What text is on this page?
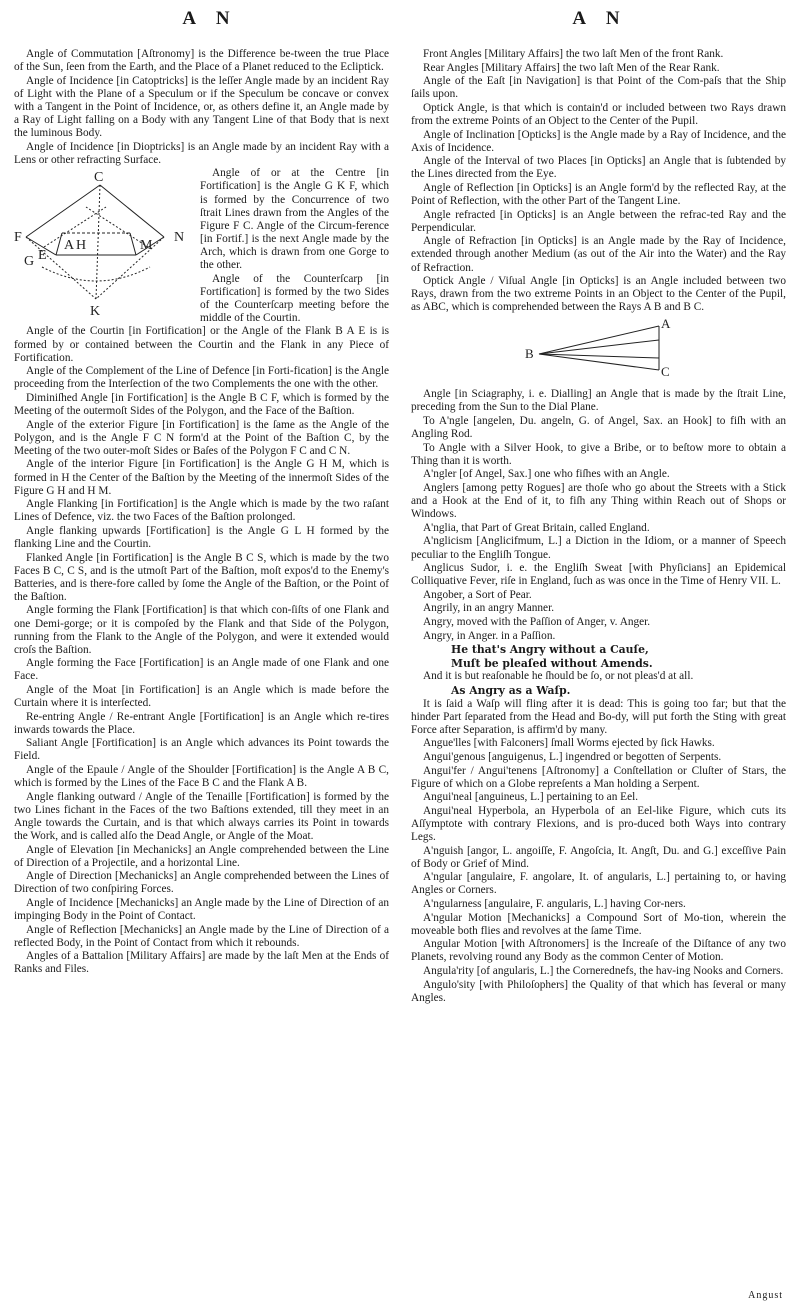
A N	A N

Angle of Commutation [Aſtronomy] is the Difference be-tween the true Place of the Sun, ſeen from the Earth, and the Place of a Planet reduced to the Ecliptick.

Angle of Incidence [in Catoptricks] is the leſſer Angle made by an incident Ray of Light with the Plane of a Speculum or if the Speculum be concave or convex with a Tangent in the Point of Incidence, or, as others define it, an Angle made by a Ray of Light falling on a Body with any Tangent Line of that Body that is next the luminous Body.

Angle of Incidence [in Dioptricks] is an Angle made by an incident Ray with a Lens or other refracting Surface.

C
G
F
E
A H	M
N
K

Angle of or at the Centre [in Fortification] is the Angle G K F, which is formed by the Concurrence of two ſtrait Lines drawn from the Angles of the Figure F C. Angle of the Circum-ference [in Fortif.] is the next Angle made by the Arch, which is drawn from one Gorge to the other.

Angle of the Counterſcarp [in Fortification] is formed by the two Sides of the Counterſcarp meeting before the middle of the Courtin.

Angle of the Courtin [in Fortification] or the Angle of the Flank B A E is is formed by or contained between the Courtin and the Flank in any Piece of Fortification.

Angle of the Complement of the Line of Defence [in Forti-fication] is the Angle proceeding from the Interſection of the two Complements the one with the other.

Diminiſhed Angle [in Fortification] is the Angle B C F, which is formed by the Meeting of the outermoſt Sides of the Polygon, and the Face of the Baſtion.

Angle of the exterior Figure [in Fortification] is the ſame as the Angle of the Polygon, and is the Angle F C N form'd at the Point of the Baſtion C, by the Meeting of the two outer-moſt Sides or Baſes of the Polygon F C and C N.

Angle of the interior Figure [in Fortification] is the Angle G H M, which is formed in H the Center of the Baſtion by the Meeting of the innermoſt Sides of the Figure G H and H M.

Angle Flanking [in Fortification] is the Angle which is made by the two raſant Lines of Defence, viz. the two Faces of the Baſtion prolonged.

Angle flanking upwards [Fortification] is the Angle G L H formed by the flanking Line and the Courtin.

Flanked Angle [in Fortification] is the Angle B C S, which is made by the two Faces B C, C S, and is the utmoſt Part of the Baſtion, moſt expos'd to the Enemy's Batteries, and is there-fore called by ſome the Angle of the Baſtion, or the Point of the Baſtion.

Angle forming the Flank [Fortification] is that which con-ſiſts of one Flank and one Demi-gorge; or it is compoſed by the Flank and that Side of the Polygon, running from the Flank to the Angle of the Polygon, and were it extended would croſs the Baſtion.

Angle forming the Face [Fortification] is an Angle made of one Flank and one Face.

Angle of the Moat [in Fortification] is an Angle which is made before the Curtain where it is interſected.

Re-entring Angle / Re-entrant Angle [Fortification] is an Angle which re-tires inwards towards the Place.

Saliant Angle [Fortification] is an Angle which advances its Point towards the Field.

Angle of the Epaule / Angle of the Shoulder [Fortification] is the Angle A B C, which is formed by the Lines of the Face B C and the Flank A B.

Angle flanking outward / Angle of the Tenaille [Fortification] is formed by the two Lines fichant in the Faces of the two Baſtions extended, till they meet in an Angle towards the Curtain, and is that which always carries its Point in towards the Work, and is called alſo the Dead Angle, or Angle of the Moat.

Angle of Elevation [in Mechanicks] an Angle comprehended between the Line of Direction of a Projectile, and a horizontal Line.

Angle of Direction [Mechanicks] an Angle comprehended between the Lines of Direction of two conſpiring Forces.

Angle of Incidence [Mechanicks] an Angle made by the Line of Direction of an impinging Body in the Point of Contact.

Angle of Reflection [Mechanicks] an Angle made by the Line of Direction of a reflected Body, in the Point of Contact from which it rebounds.

Angles of a Battalion [Military Affairs] are made by the laſt Men at the Ends of Ranks and Files.

Front Angles [Military Affairs] the two laſt Men of the front Rank.

Rear Angles [Military Affairs] the two laſt Men of the Rear Rank.

Angle of the Eaſt [in Navigation] is that Point of the Com-paſs that the Ship ſails upon.

Optick Angle, is that which is contain'd or included between two Rays drawn from the extreme Points of an Object to the Center of the Pupil.

Angle of Inclination [Opticks] is the Angle made by a Ray of Incidence, and the Axis of Incidence.

Angle of the Interval of two Places [in Opticks] an Angle that is ſubtended by the Lines directed from the Eye.

Angle of Reflection [in Opticks] is an Angle form'd by the reflected Ray, at the Point of Reflection, with the other Part of the Tangent Line.

Angle refracted [in Opticks] is an Angle between the refrac-ted Ray and the Perpendicular.

Angle of Refraction [in Opticks] is an Angle made by the Ray of Incidence, extended through another Medium (as out of the Air into the Water) and the Ray of Refraction.

Optick Angle / Viſual Angle [in Opticks] is an Angle included between two Rays, drawn from the two extreme Points in an Object to the Center of the Pupil, as ABC, which is comprehended between the Rays A B and B C.

A
B
C

Angle [in Sciagraphy, i. e. Dialling] an Angle that is made by the ſtrait Line, preceding from the Sun to the Dial Plane.

To A'ngle [angelen, Du. angeln, G. of Angel, Sax. an Hook] to fiſh with an Angling Rod.

To Angle with a Silver Hook, to give a Bribe, or to beſtow more to obtain a Thing than it is worth.

A'ngler [of Angel, Sax.] one who fiſhes with an Angle.

Anglers [among petty Rogues] are thoſe who go about the Streets with a Stick and a Hook at the End of it, to fiſh any Thing within Reach out of Shops or Windows.

A'nglia, that Part of Great Britain, called England.

A'nglicism [Anglicifmum, L.] a Diction in the Idiom, or a manner of Speech peculiar to the Engliſh Tongue.

Anglicus Sudor, i. e. the Engliſh Sweat [with Phyſicians] an Epidemical Colliquative Fever, riſe in England, ſuch as was once in the Time of Henry VII. L.

Angober, a Sort of Pear.

Angrily, in an angry Manner.

Angry, moved with the Paſſion of Anger, v. Anger.

Angry, in Anger. in a Paſſion.

He that's Angry without a Cauſe,

Muſt be pleaſed without Amends.

And it is but reaſonable he ſhould be ſo, or not pleas'd at all.

As Angry as a Waſp.

It is ſaid a Waſp will fling after it is dead: This is going too far; but that the hinder Part ſeparated from the Head and Bo-dy, will put forth the Sting with great Force after Separation, is affirm'd by many.

Angue'lles [with Falconers] ſmall Worms ejected by ſick Hawks.

Angui'genous [anguigenus, L.] ingendred or begotten of Serpents.

Angui'fer / Angui'tenens [Aſtronomy] a Conſtellation or Cluſter of Stars, the Figure of which on a Globe repreſents a Man holding a Serpent.

Angui'neal [anguineus, L.] pertaining to an Eel.

Angui'neal Hyperbola, an Hyperbola of an Eel-like Figure, which cuts its Aſſymptote with contrary Flexions, and is pro-duced both Ways into contrary Legs.

A'nguish [angor, L. angoiſſe, F. Angoſcia, It. Angſt, Du. and G.] exceſſive Pain of Body or Grief of Mind.

A'ngular [angulaire, F. angolare, It. of angularis, L.] pertaining to, or having Angles or Corners.

A'ngularness [angulaire, F. angularis, L.] having Cor-ners.

A'ngular Motion [Mechanicks] a Compound Sort of Mo-tion, wherein the moveable both flies and revolves at the ſame Time.

Angular Motion [with Aſtronomers] is the Increaſe of the Diſtance of any two Planets, revolving round any Body as the common Center of Motion.

Angula'rity [of angularis, L.] the Cornerednefs, the hav-ing Nooks and Corners.

Angulo'sity [with Philoſophers] the Quality of that which has ſeveral or many Angles.

Angust
